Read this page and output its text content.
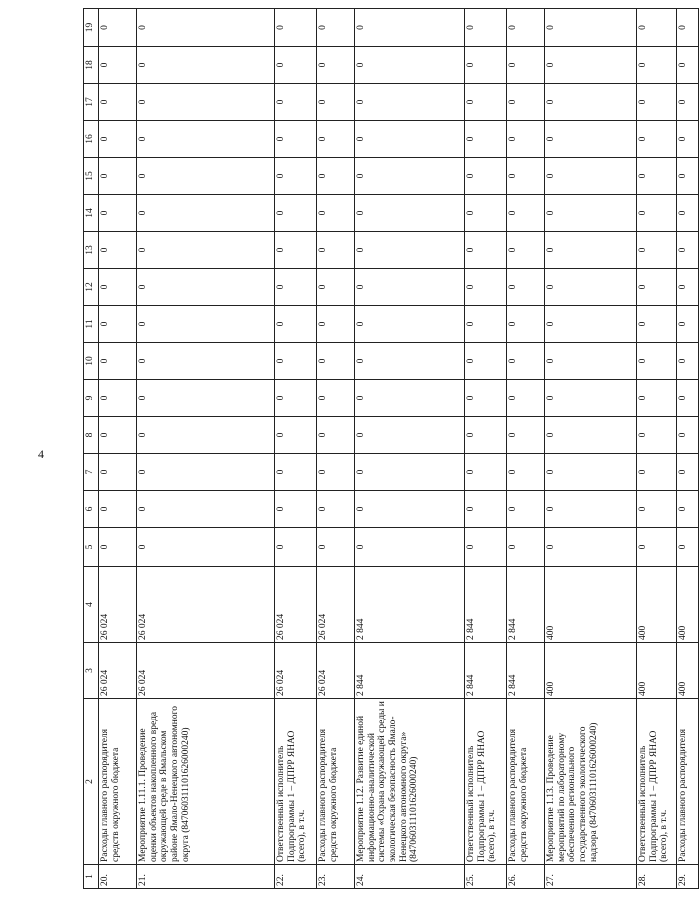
4
1	2	3	4	5	6	7	8	9	10	11	12	13	14	15	16	17	18	19
20.	Расходы главного распорядителя средств окружного бюджета	26 024	26 024	0	0	0	0	0	0	0	0	0	0	0	0	0	0	0
21.	Мероприятие 1.11.1. Проведение оценки объектов накопленного вреда окружающей среде в Ямальском районе Ямало-Ненецкого автономного округа (847060311101626000240)	26 024	26 024	0	0	0	0	0	0	0	0	0	0	0	0	0	0	0
22.	Ответственный исполнитель Подпрограммы 1 – ДПРР ЯНАО (всего), в т.ч.	26 024	26 024	0	0	0	0	0	0	0	0	0	0	0	0	0	0	0
23.	Расходы главного распорядителя средств окружного бюджета	26 024	26 024	0	0	0	0	0	0	0	0	0	0	0	0	0	0	0
24.	Мероприятие 1.12. Развитие единой информационно-аналитической системы «Охрана окружающей среды и экологическая безопасность Ямало-Ненецкого автономного округа» (847060311101626000240)	2 844	2 844	0	0	0	0	0	0	0	0	0	0	0	0	0	0	0
25.	Ответственный исполнитель Подпрограммы 1 – ДПРР ЯНАО (всего), в т.ч.	2 844	2 844	0	0	0	0	0	0	0	0	0	0	0	0	0	0	0
26.	Расходы главного распорядителя средств окружного бюджета	2 844	2 844	0	0	0	0	0	0	0	0	0	0	0	0	0	0	0
27.	Мероприятие 1.13. Проведение мероприятий по лабораторному обеспечению регионального государственного экологического надзора (847060311101626000240)	400	400	0	0	0	0	0	0	0	0	0	0	0	0	0	0	0
28.	Ответственный исполнитель Подпрограммы 1 – ДПРР ЯНАО (всего), в т.ч.	400	400	0	0	0	0	0	0	0	0	0	0	0	0	0	0	0
29.	Расходы главного распорядителя	400	400	0	0	0	0	0	0	0	0	0	0	0	0	0	0	0
